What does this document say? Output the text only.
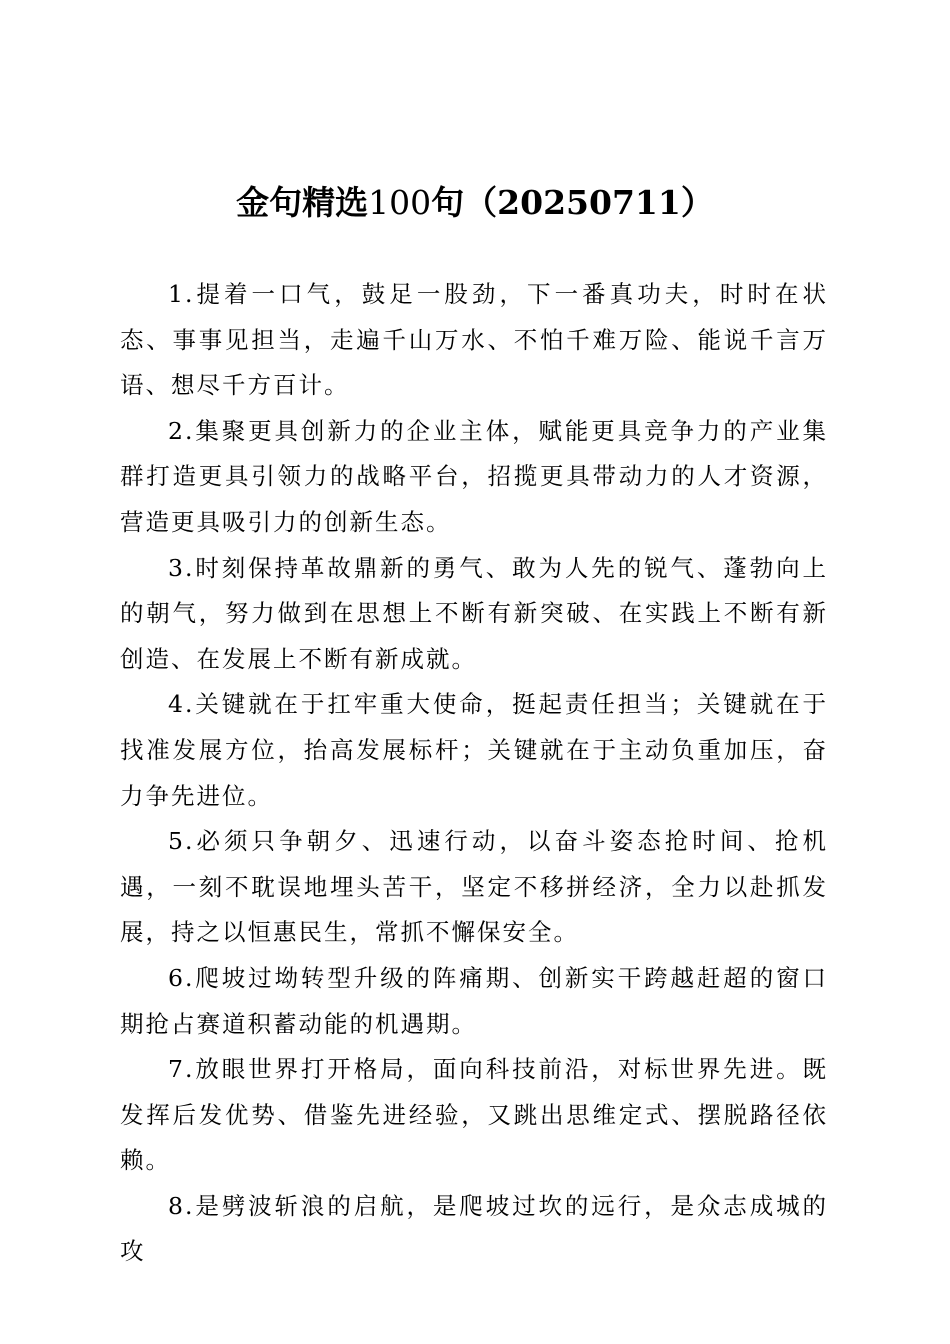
金句精选100句（20250711）

1.提着一口气，鼓足一股劲，下一番真功夫，时时在状态、事事见担当，走遍千山万水、不怕千难万险、能说千言万语、想尽千方百计。

2.集聚更具创新力的企业主体，赋能更具竞争力的产业集群打造更具引领力的战略平台，招揽更具带动力的人才资源，营造更具吸引力的创新生态。

3.时刻保持革故鼎新的勇气、敢为人先的锐气、蓬勃向上的朝气，努力做到在思想上不断有新突破、在实践上不断有新创造、在发展上不断有新成就。

4.关键就在于扛牢重大使命，挺起责任担当；关键就在于找准发展方位，抬高发展标杆；关键就在于主动负重加压，奋力争先进位。

5.必须只争朝夕、迅速行动，以奋斗姿态抢时间、抢机遇，一刻不耽误地埋头苦干，坚定不移拼经济，全力以赴抓发展，持之以恒惠民生，常抓不懈保安全。

6.爬坡过坳转型升级的阵痛期、创新实干跨越赶超的窗口期抢占赛道积蓄动能的机遇期。

7.放眼世界打开格局，面向科技前沿，对标世界先进。既发挥后发优势、借鉴先进经验，又跳出思维定式、摆脱路径依赖。

8.是劈波斩浪的启航，是爬坡过坎的远行，是众志成城的攻
